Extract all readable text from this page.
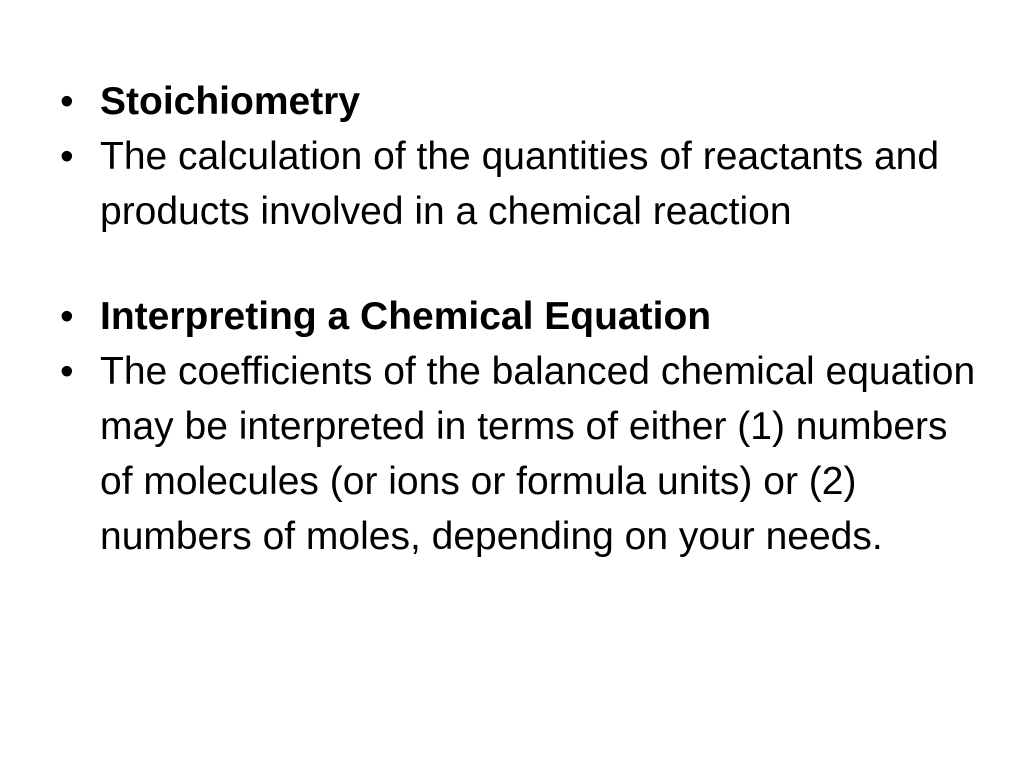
• Stoichiometry
• The calculation of the quantities of reactants and products involved in a chemical reaction
• Interpreting a Chemical Equation
• The coefficients of the balanced chemical equation may be interpreted in terms of either (1) numbers of molecules (or ions or formula units) or (2) numbers of moles, depending on your needs.
